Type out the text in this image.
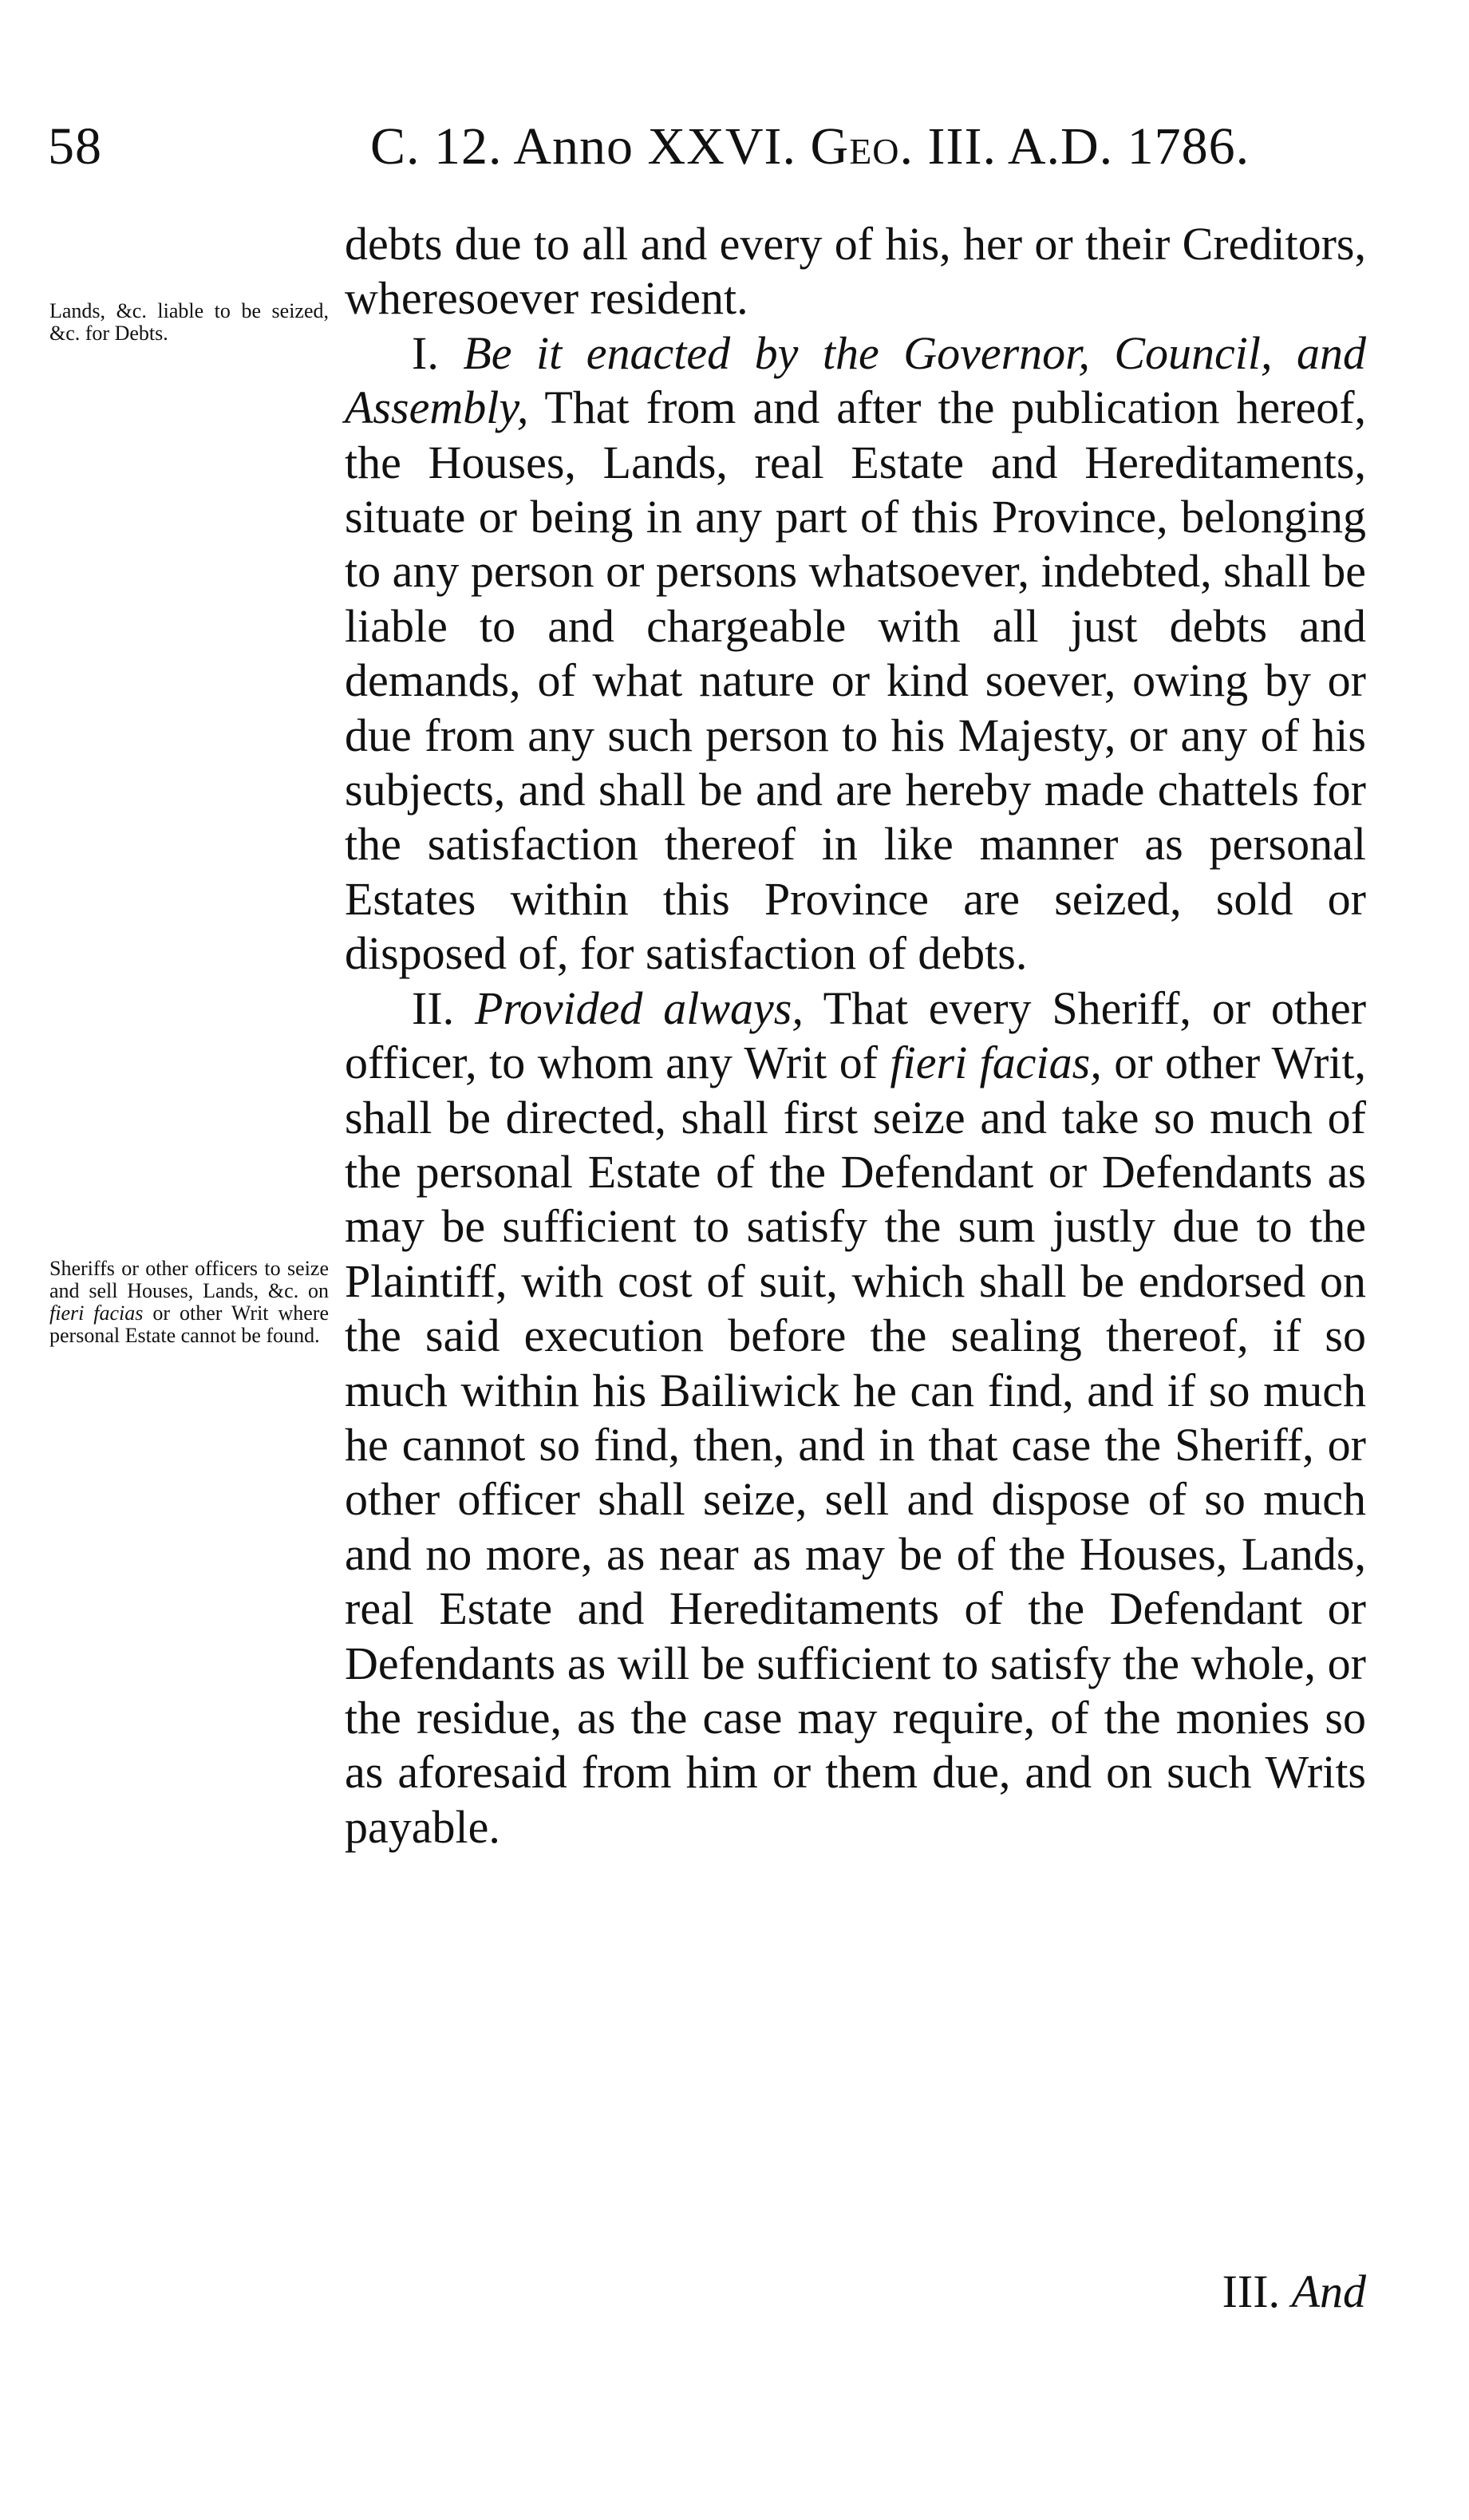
58	C. 12. Anno XXVI. Geo. III. A.D. 1786.
Lands, &c. liable to be seized, &c. for Debts.
Sheriffs or other officers to seize and sell Houses, Lands, &c. on fieri facias or other Writ where personal Estate cannot be found.

debts due to all and every of his, her or their Creditors, wheresoever resident.

I. Be it enacted by the Governor, Council, and Assembly, That from and after the publication hereof, the Houses, Lands, real Estate and Hereditaments, situate or being in any part of this Province, belonging to any person or persons whatsoever, indebted, shall be liable to and chargeable with all just debts and demands, of what nature or kind soever, owing by or due from any such person to his Majesty, or any of his subjects, and shall be and are hereby made chattels for the satisfaction thereof in like manner as personal Estates within this Province are seized, sold or disposed of, for satisfaction of debts.

II. Provided always, That every Sheriff, or other officer, to whom any Writ of fieri facias, or other Writ, shall be directed, shall first seize and take so much of the personal Estate of the Defendant or Defendants as may be sufficient to satisfy the sum justly due to the Plaintiff, with cost of suit, which shall be endorsed on the said execution before the sealing thereof, if so much within his Bailiwick he can find, and if so much he cannot so find, then, and in that case the Sheriff, or other officer shall seize, sell and dispose of so much and no more, as near as may be of the Houses, Lands, real Estate and Hereditaments of the Defendant or Defendants as will be sufficient to satisfy the whole, or the residue, as the case may require, of the monies so as aforesaid from him or them due, and on such Writs payable.

III. And
